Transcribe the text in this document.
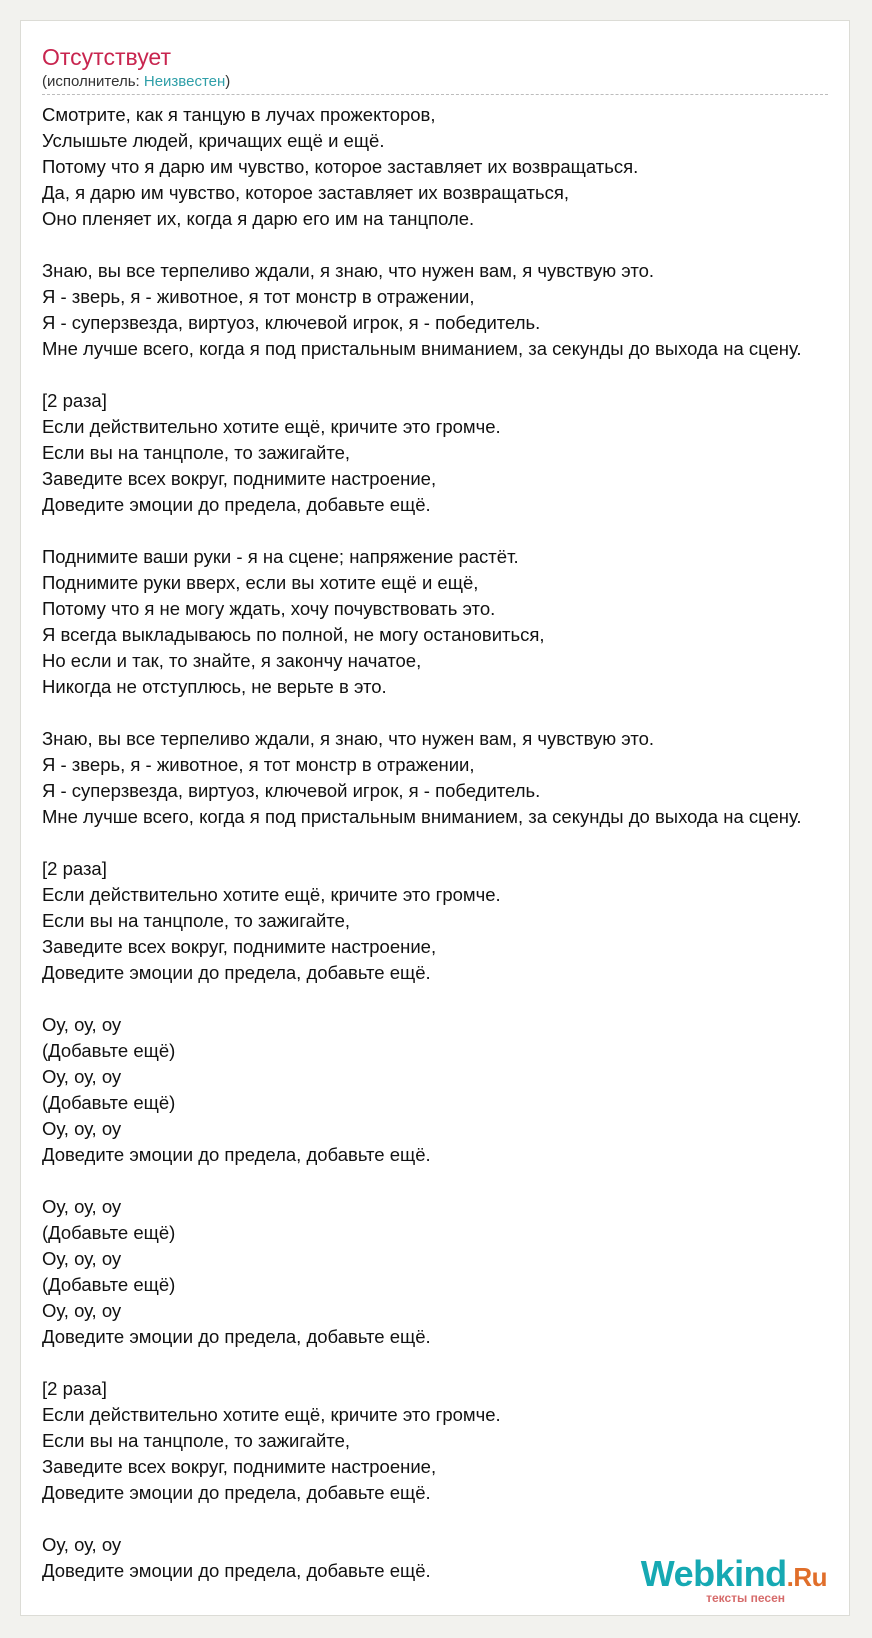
Отсутствует
(исполнитель: Неизвестен)
Смотрите, как я танцую в лучах прожекторов,
Услышьте людей, кричащих ещё и ещё.
Потому что я дарю им чувство, которое заставляет их возвращаться.
Да, я дарю им чувство, которое заставляет их возвращаться,
Оно пленяет их, когда я дарю его им на танцполе.
Знаю, вы все терпеливо ждали, я знаю, что нужен вам, я чувствую это.
Я - зверь, я - животное, я тот монстр в отражении,
Я - суперзвезда, виртуоз, ключевой игрок, я - победитель.
Мне лучше всего, когда я под пристальным вниманием, за секунды до выхода на сцену.
[2 раза]
Если действительно хотите ещё, кричите это громче.
Если вы на танцполе, то зажигайте,
Заведите всех вокруг, поднимите настроение,
Доведите эмоции до предела, добавьте ещё.
Поднимите ваши руки - я на сцене; напряжение растёт.
Поднимите руки вверх, если вы хотите ещё и ещё,
Потому что я не могу ждать, хочу почувствовать это.
Я всегда выкладываюсь по полной, не могу остановиться,
Но если и так, то знайте, я закончу начатое,
Никогда не отступлюсь, не верьте в это.
Знаю, вы все терпеливо ждали, я знаю, что нужен вам, я чувствую это.
Я - зверь, я - животное, я тот монстр в отражении,
Я - суперзвезда, виртуоз, ключевой игрок, я - победитель.
Мне лучше всего, когда я под пристальным вниманием, за секунды до выхода на сцену.
[2 раза]
Если действительно хотите ещё, кричите это громче.
Если вы на танцполе, то зажигайте,
Заведите всех вокруг, поднимите настроение,
Доведите эмоции до предела, добавьте ещё.
Оу, оу, оу
(Добавьте ещё)
Оу, оу, оу
(Добавьте ещё)
Оу, оу, оу
Доведите эмоции до предела, добавьте ещё.
Оу, оу, оу
(Добавьте ещё)
Оу, оу, оу
(Добавьте ещё)
Оу, оу, оу
Доведите эмоции до предела, добавьте ещё.
[2 раза]
Если действительно хотите ещё, кричите это громче.
Если вы на танцполе, то зажигайте,
Заведите всех вокруг, поднимите настроение,
Доведите эмоции до предела, добавьте ещё.
Оу, оу, оу
Доведите эмоции до предела, добавьте ещё.	Webkind.Ru
тексты песен
